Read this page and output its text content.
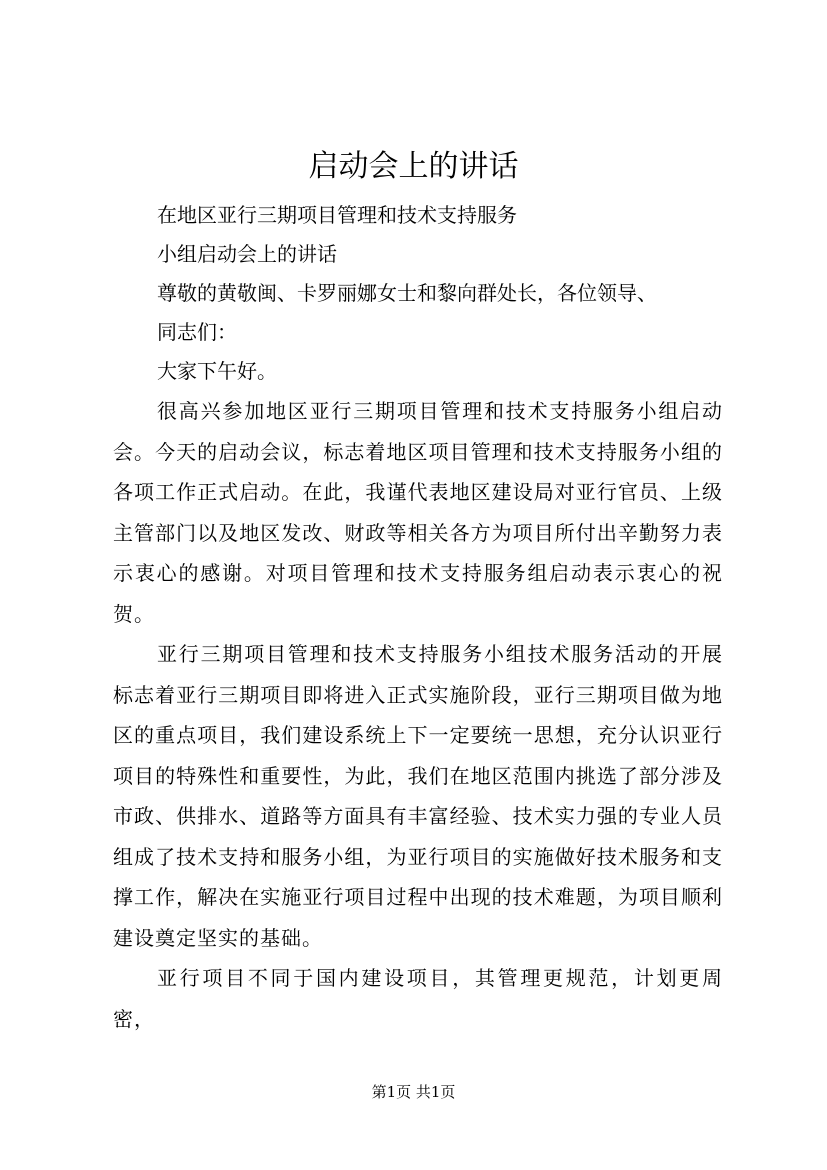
启动会上的讲话

在地区亚行三期项目管理和技术支持服务

小组启动会上的讲话

尊敬的黄敬闽、卡罗丽娜女士和黎向群处长，各位领导、

同志们：

大家下午好。

很高兴参加地区亚行三期项目管理和技术支持服务小组启动会。今天的启动会议，标志着地区项目管理和技术支持服务小组的各项工作正式启动。在此，我谨代表地区建设局对亚行官员、上级主管部门以及地区发改、财政等相关各方为项目所付出辛勤努力表示衷心的感谢。对项目管理和技术支持服务组启动表示衷心的祝贺。

亚行三期项目管理和技术支持服务小组技术服务活动的开展标志着亚行三期项目即将进入正式实施阶段，亚行三期项目做为地区的重点项目，我们建设系统上下一定要统一思想，充分认识亚行项目的特殊性和重要性，为此，我们在地区范围内挑选了部分涉及市政、供排水、道路等方面具有丰富经验、技术实力强的专业人员组成了技术支持和服务小组，为亚行项目的实施做好技术服务和支撑工作，解决在实施亚行项目过程中出现的技术难题，为项目顺利建设奠定坚实的基础。

亚行项目不同于国内建设项目，其管理更规范，计划更周密，

第1页 共1页
